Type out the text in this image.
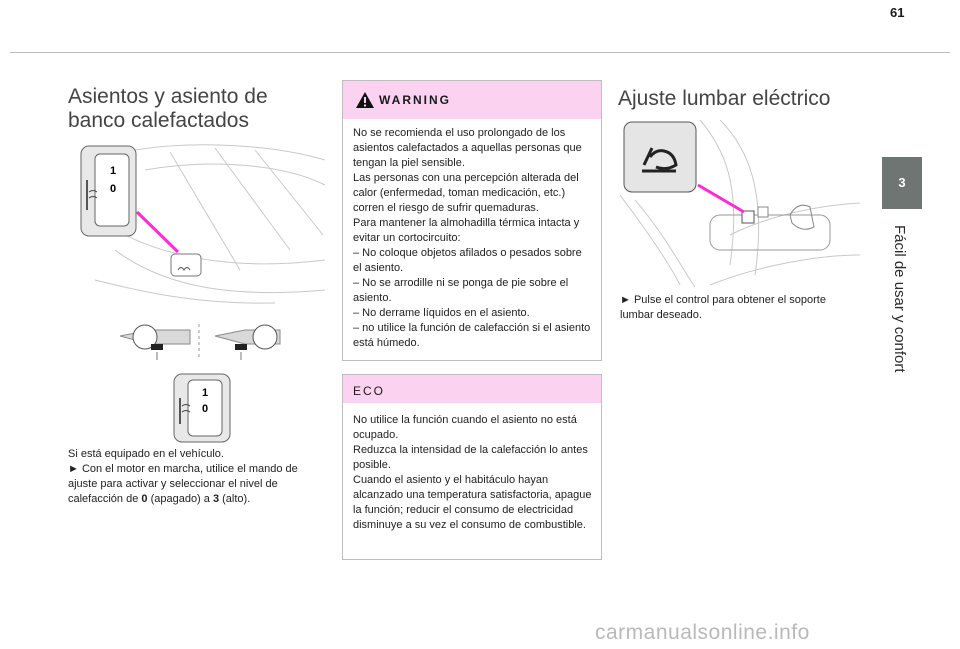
61
3
Fácil de usar y confort
Asientos y asiento de
banco calefactados
1
0
1
0

Si está equipado en el vehículo.

► Con el motor en marcha, utilice el mando de ajuste para activar y seleccionar el nivel de calefacción de 0 (apagado) a 3 (alto).

WARNING

No se recomienda el uso prolongado de los asientos calefactados a aquellas personas que tengan la piel sensible.

Las personas con una percepción alterada del calor (enfermedad, toman medicación, etc.) corren el riesgo de sufrir quemaduras.

Para mantener la almohadilla térmica intacta y evitar un cortocircuito:

– No coloque objetos afilados o pesados sobre el asiento.

– No se arrodille ni se ponga de pie sobre el asiento.

– No derrame líquidos en el asiento.

– no utilice la función de calefacción si el asiento está húmedo.

ECO

No utilice la función cuando el asiento no está ocupado.

Reduzca la intensidad de la calefacción lo antes posible.

Cuando el asiento y el habitáculo hayan alcanzado una temperatura satisfactoria, apague la función; reducir el consumo de electricidad disminuye a su vez el consumo de combustible.

Ajuste lumbar eléctrico

► Pulse el control para obtener el soporte lumbar deseado.

carmanualsonline.info
